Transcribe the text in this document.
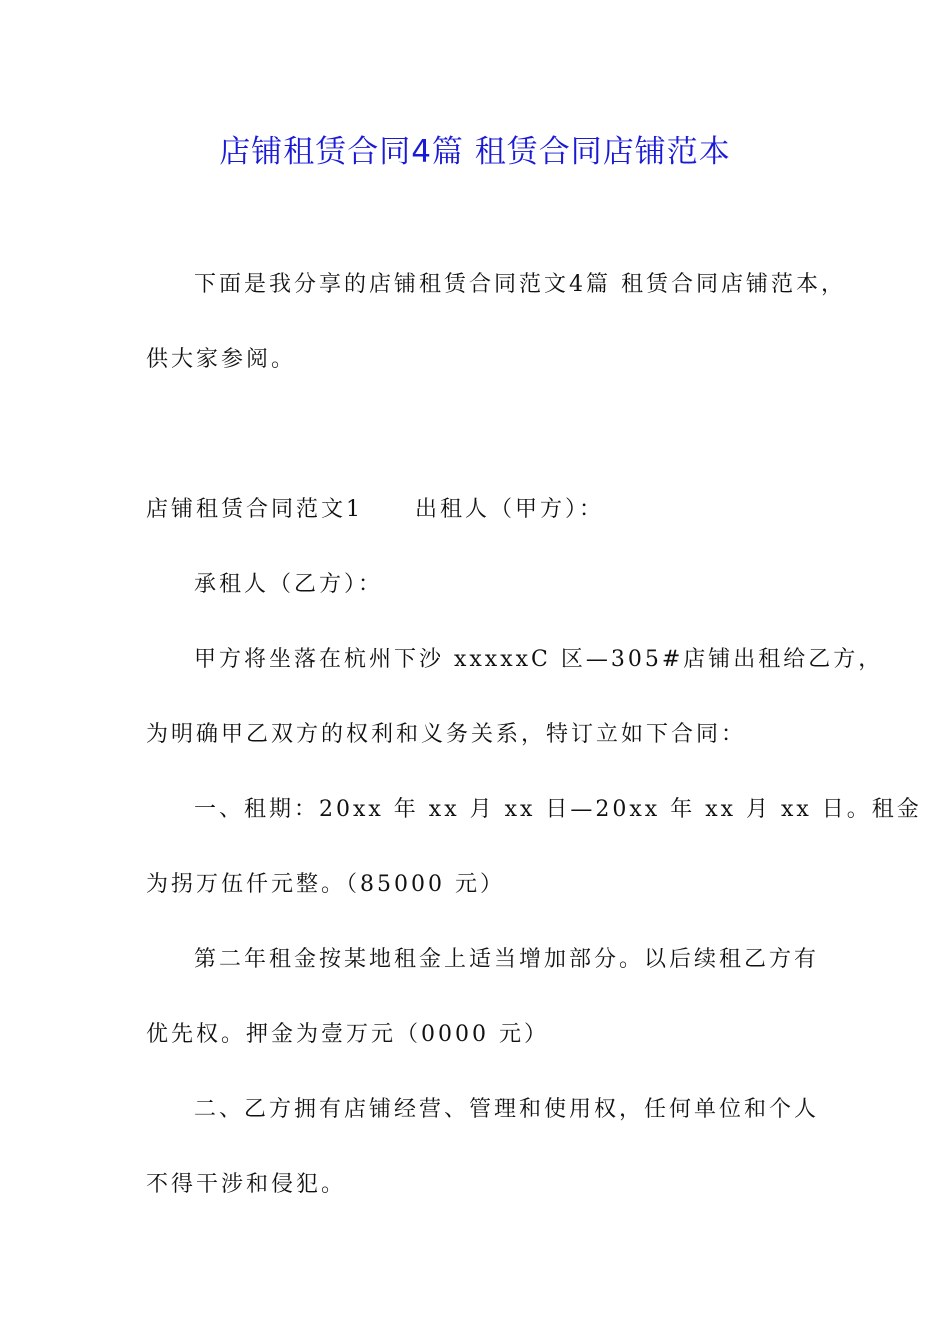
店铺租赁合同4篇 租赁合同店铺范本
下面是我分享的店铺租赁合同范文4篇 租赁合同店铺范本，
供大家参阅。
店铺租赁合同范文1 出租人（甲方）：
承租人（乙方）：
甲方将坐落在杭州下沙 xxxxxC 区—305#店铺出租给乙方，
为明确甲乙双方的权利和义务关系，特订立如下合同：
一、租期：20xx 年 xx 月 xx 日—20xx 年 xx 月 xx 日。租金
为拐万伍仟元整。（85000 元）
第二年租金按某地租金上适当增加部分。以后续租乙方有
优先权。押金为壹万元（0000 元）
二、乙方拥有店铺经营、管理和使用权，任何单位和个人
不得干涉和侵犯。
